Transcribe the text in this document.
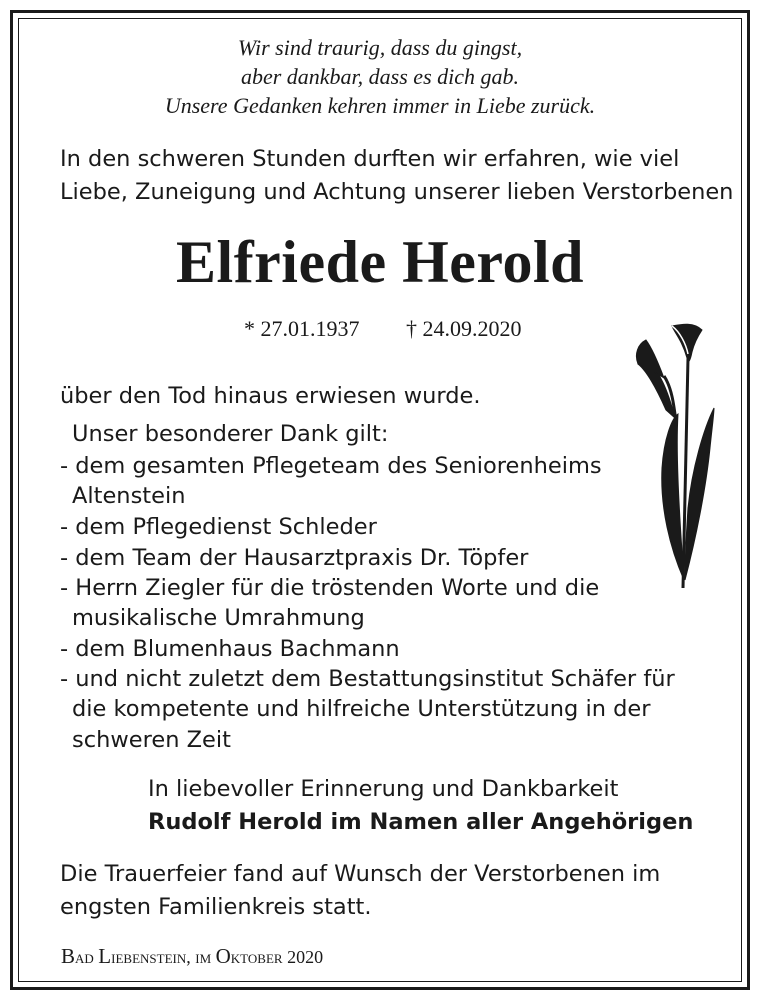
Wir sind traurig, dass du gingst,
aber dankbar, dass es dich gab.
Unsere Gedanken kehren immer in Liebe zurück.
In den schweren Stunden durften wir erfahren, wie viel
Liebe, Zuneigung und Achtung unserer lieben Verstorbenen
Elfriede Herold
* 27.01.1937 † 24.09.2020
über den Tod hinaus erwiesen wurde.
Unser besonderer Dank gilt:
- dem gesamten Pflegeteam des Seniorenheims
Altenstein
- dem Pflegedienst Schleder
- dem Team der Hausarztpraxis Dr. Töpfer
- Herrn Ziegler für die tröstenden Worte und die
musikalische Umrahmung
- dem Blumenhaus Bachmann
- und nicht zuletzt dem Bestattungsinstitut Schäfer für
die kompetente und hilfreiche Unterstützung in der
schweren Zeit
In liebevoller Erinnerung und Dankbarkeit
Rudolf Herold im Namen aller Angehörigen
Die Trauerfeier fand auf Wunsch der Verstorbenen im
engsten Familienkreis statt.
Bad Liebenstein, im Oktober 2020
